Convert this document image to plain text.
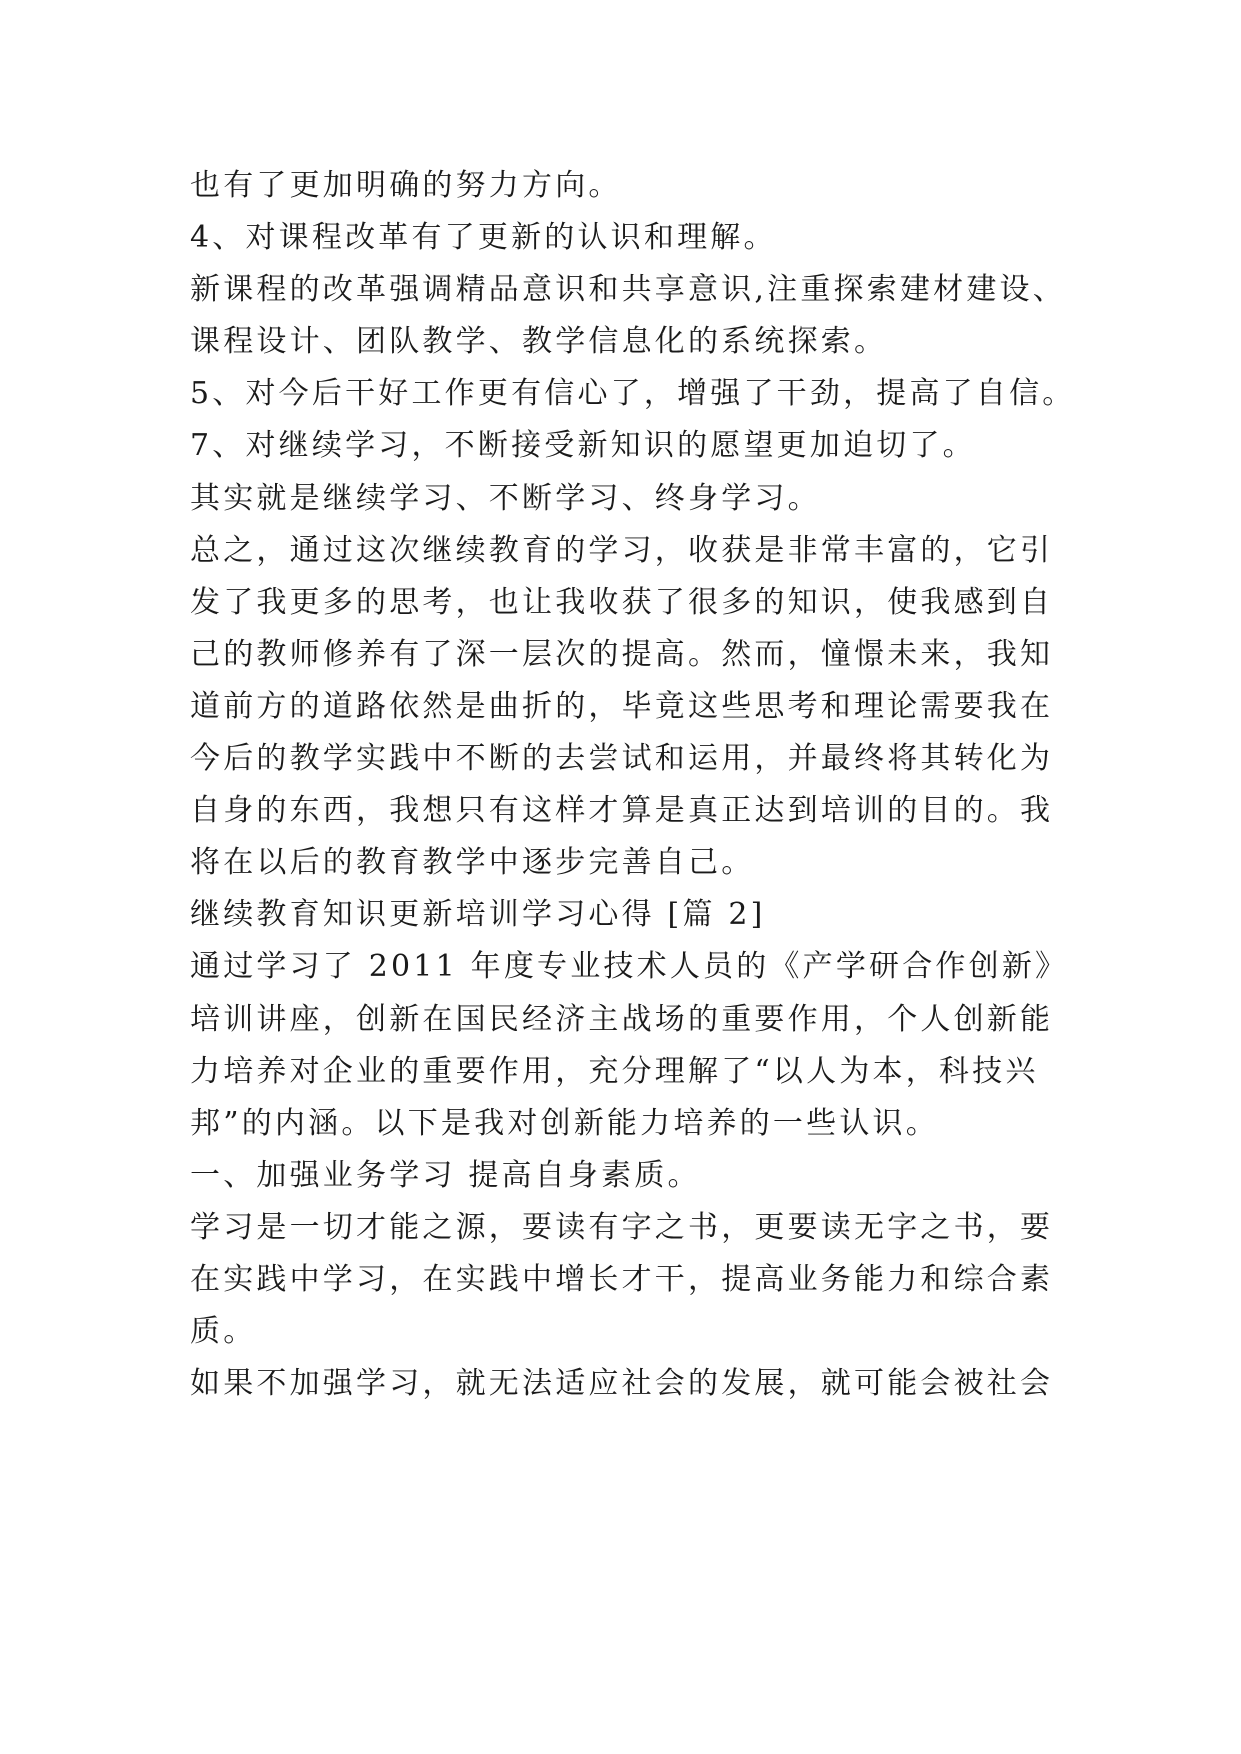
也有了更加明确的努力方向。
4、对课程改革有了更新的认识和理解。
新课程的改革强调精品意识和共享意识,注重探索建材建设、
课程设计、团队教学、教学信息化的系统探索。
5、对今后干好工作更有信心了，增强了干劲，提高了自信。
7、对继续学习，不断接受新知识的愿望更加迫切了。
其实就是继续学习、不断学习、终身学习。
总之，通过这次继续教育的学习，收获是非常丰富的，它引
发了我更多的思考，也让我收获了很多的知识，使我感到自
己的教师修养有了深一层次的提高。然而，憧憬未来，我知
道前方的道路依然是曲折的，毕竟这些思考和理论需要我在
今后的教学实践中不断的去尝试和运用，并最终将其转化为
自身的东西，我想只有这样才算是真正达到培训的目的。我
将在以后的教育教学中逐步完善自己。
继续教育知识更新培训学习心得 [篇 2]
通过学习了 2011 年度专业技术人员的《产学研合作创新》
培训讲座，创新在国民经济主战场的重要作用，个人创新能
力培养对企业的重要作用，充分理解了“以人为本，科技兴
邦”的内涵。以下是我对创新能力培养的一些认识。
一、加强业务学习 提高自身素质。
学习是一切才能之源，要读有字之书，更要读无字之书，要
在实践中学习，在实践中增长才干，提高业务能力和综合素
质。
如果不加强学习，就无法适应社会的发展，就可能会被社会
